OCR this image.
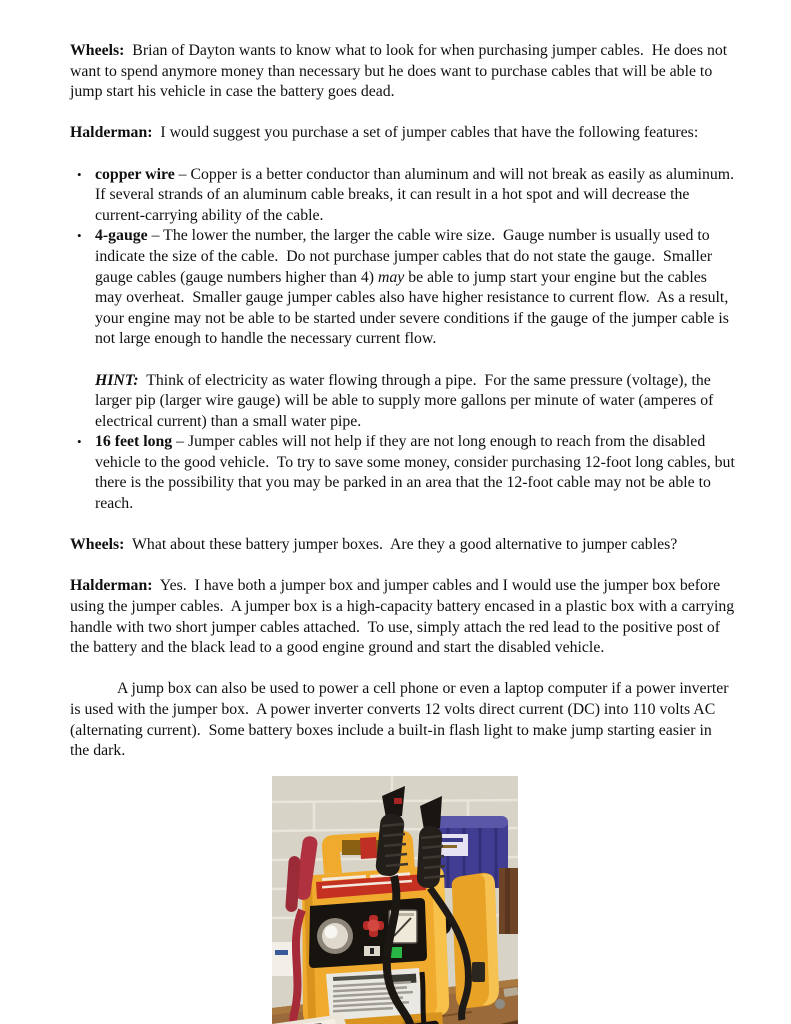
Wheels:  Brian of Dayton wants to know what to look for when purchasing jumper cables.  He does not want to spend anymore money than necessary but he does want to purchase cables that will be able to jump start his vehicle in case the battery goes dead.

Halderman:  I would suggest you purchase a set of jumper cables that have the following features:

• copper wire – Copper is a better conductor than aluminum and will not break as easily as aluminum.  If several strands of an aluminum cable breaks, it can result in a hot spot and will decrease the current-carrying ability of the cable.
• 4-gauge – The lower the number, the larger the cable wire size.  Gauge number is usually used to indicate the size of the cable.  Do not purchase jumper cables that do not state the gauge.  Smaller gauge cables (gauge numbers higher than 4) may be able to jump start your engine but the cables may overheat.  Smaller gauge jumper cables also have higher resistance to current flow.  As a result, your engine may not be able to be started under severe conditions if the gauge of the jumper cable is not large enough to handle the necessary current flow.
HINT:  Think of electricity as water flowing through a pipe.  For the same pressure (voltage), the larger pip (larger wire gauge) will be able to supply more gallons per minute of water (amperes of electrical current) than a small water pipe.
• 16 feet long – Jumper cables will not help if they are not long enough to reach from the disabled vehicle to the good vehicle.  To try to save some money, consider purchasing 12-foot long cables, but there is the possibility that you may be parked in an area that the 12-foot cable may not be able to reach.

Wheels:  What about these battery jumper boxes.  Are they a good alternative to jumper cables?

Halderman:  Yes.  I have both a jumper box and jumper cables and I would use the jumper box before using the jumper cables.  A jumper box is a high-capacity battery encased in a plastic box with a carrying handle with two short jumper cables attached.  To use, simply attach the red lead to the positive post of the battery and the black lead to a good engine ground and start the disabled vehicle.

A jump box can also be used to power a cell phone or even a laptop computer if a power inverter is used with the jumper box.  A power inverter converts 12 volts direct current (DC) into 110 volts AC (alternating current).  Some battery boxes include a built-in flash light to make jump starting easier in the dark.
